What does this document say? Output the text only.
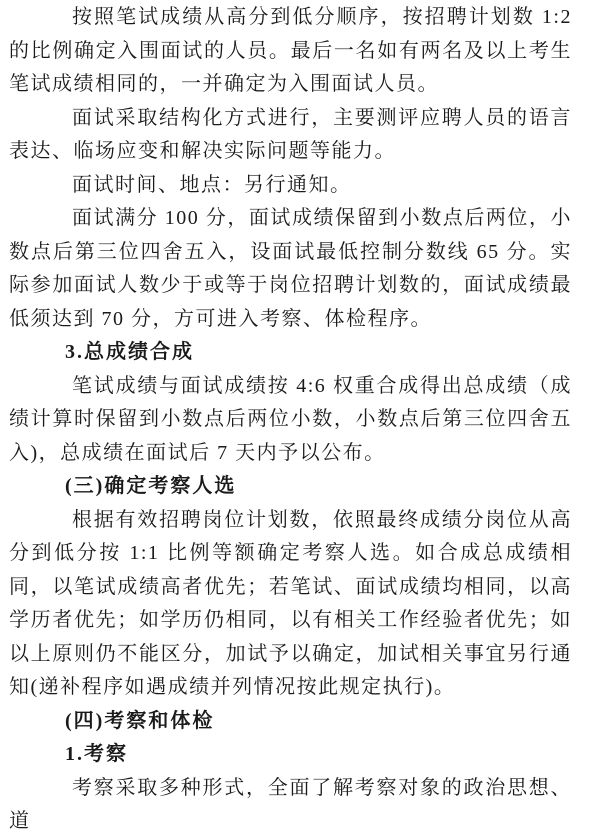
按照笔试成绩从高分到低分顺序，按招聘计划数 1:2 的比例确定入围面试的人员。最后一名如有两名及以上考生笔试成绩相同的，一并确定为入围面试人员。

面试采取结构化方式进行，主要测评应聘人员的语言表达、临场应变和解决实际问题等能力。

面试时间、地点：另行通知。

面试满分 100 分，面试成绩保留到小数点后两位，小数点后第三位四舍五入，设面试最低控制分数线 65 分。实际参加面试人数少于或等于岗位招聘计划数的，面试成绩最低须达到 70 分，方可进入考察、体检程序。

3.总成绩合成

笔试成绩与面试成绩按 4:6 权重合成得出总成绩（成绩计算时保留到小数点后两位小数，小数点后第三位四舍五入)，总成绩在面试后 7 天内予以公布。

(三)确定考察人选

根据有效招聘岗位计划数，依照最终成绩分岗位从高分到低分按 1:1 比例等额确定考察人选。如合成总成绩相同，以笔试成绩高者优先；若笔试、面试成绩均相同，以高学历者优先；如学历仍相同，以有相关工作经验者优先；如以上原则仍不能区分，加试予以确定，加试相关事宜另行通知(递补程序如遇成绩并列情况按此规定执行)。

(四)考察和体检

1.考察

考察采取多种形式，全面了解考察对象的政治思想、道
